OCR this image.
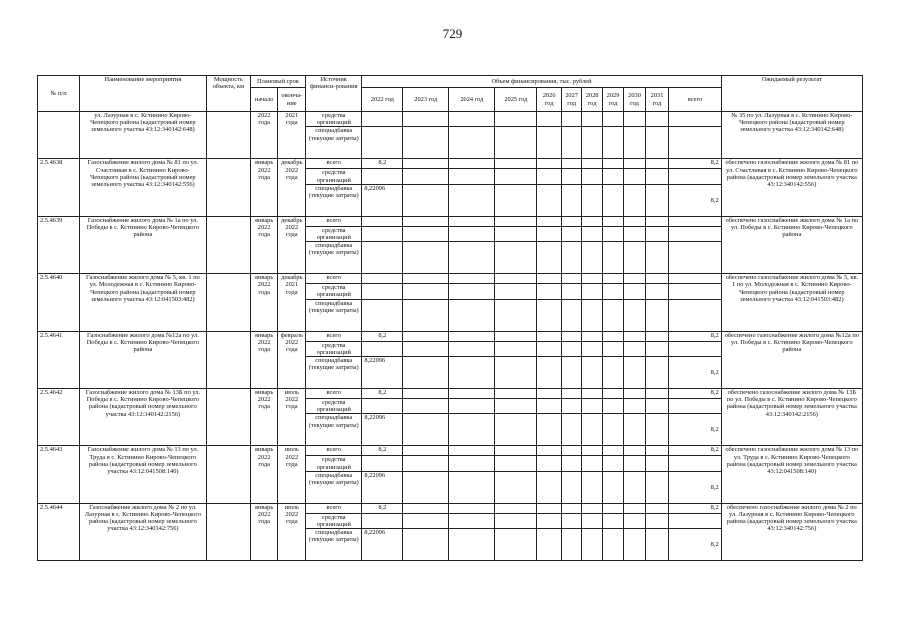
729
№ п/п	Наименование мероприятия	Мощность объекта, км	Плановый срок		Источник финанси-рования	Объем финансирования, тыс. рублей											Ожидаемый результат
			начало	оконча-ние		2022 год	2023 год	2024 год	2025 год	2026 год	2027 год	2028 год	2029 год	2030 год	2031 год	всего	
	ул. Лазурная в с. Кстинино Кирово-Чепецкого района (кадастровый номер земельного участка 43:12:340142:648)		2022 года	2021 года	средства организаций												№ 35 по ул. Лазурная в с. Кстинино Кирово-Чепецкого района (кадастровый номер земельного участка 43:12:340142:648)
					спецнадбавка (текущие затраты)												
2.5.4638	Газоснабжение жилого дома № 81 по ул. Счастливая в с. Кстинино Кирово-Чепецкого района (кадастровый номер земельного участка 43:12:340142:556)		январь 2022 года	декабрь 2022 года	всего	8,2										8,2	обеспечено газоснабжение жилого дома № 81 по ул. Счастливая в с. Кстинино Кирово-Чепецкого района (кадастровый номер земельного участка 43:12:340142:556)
					средства организаций												
					спецнадбавка (текущие затраты)	8,22096										8,2	
2.5.4639	Газоснабжение жилого дома № 1а по ул. Победы в с. Кстинино Кирово-Чепецкого района		январь 2022 года	декабрь 2022 года	всего												обеспечено газоснабжение жилого дома № 1а по ул. Победы в с. Кстинино Кирово-Чепецкого района
					средства организаций												
					спецнадбавка (текущие затраты)												
2.5.4640	Газоснабжение жилого дома № 5, кв. 1 по ул. Молодежная в с. Кстинино Кирово-Чепецкого района (кадастровый номер земельного участка 43:12:041503:482)		январь 2022 года	декабрь 2021 года	всего												обеспечено газоснабжение жилого дома № 5, кв. 1 по ул. Молодежная в с. Кстинино Кирово-Чепецкого района (кадастровый номер земельного участка 43:12:041503:482)
					средства организаций												
					спецнадбавка (текущие затраты)												
2.5.4641	Газоснабжение жилого дома №12а по ул. Победы в с. Кстинино Кирово-Чепецкого района		январь 2022 года	февраль 2022 года	всего	8,2										8,2	обеспечено газоснабжение жилого дома №12а по ул. Победы в с. Кстинино Кирово-Чепецкого района
					средства организаций												
					спецнадбавка (текущие затраты)	8,22096										8,2	
2.5.4642	Газоснабжение жилого дома № 13Б по ул. Победы в с. Кстинино Кирово-Чепецкого района (кадастровый номер земельного участка 43:12:340142:2156)		январь 2022 года	июль 2022 года	всего	8,2										8,2	обеспечено газоснабжение жилого дома № 13Б по ул. Победы в с. Кстинино Кирово-Чепецкого района (кадастровый номер земельного участка 43:12:340142:2156)
					средства организаций												
					спецнадбавка (текущие затраты)	8,22096										8,2	
2.5.4643	Газоснабжение жилого дома № 13 по ул. Труда в с. Кстинино Кирово-Чепецкого района (кадастровый номер земельного участка 43:12:041508:140)		январь 2022 года	июль 2022 года	всего	8,2										8,2	обеспечено газоснабжение жилого дома № 13 по ул. Труда в с. Кстинино Кирово-Чепецкого района (кадастровый номер земельного участка 43:12:041508:140)
					средства организаций												
					спецнадбавка (текущие затраты)	8,22096										8,2	
2.5.4644	Газоснабжение жилого дома № 2 по ул. Лазурная в с. Кстинино Кирово-Чепецкого района (кадастровый номер земельного участка 43:12:340142:756)		январь 2022 года	июль 2022 года	всего	8,2										8,2	обеспечено газоснабжение жилого дома № 2 по ул. Лазурная в с. Кстинино Кирово-Чепецкого района (кадастровый номер земельного участка 43:12:340142:756)
					средства организаций												
					спецнадбавка (текущие затраты)	8,22096										8,2	
